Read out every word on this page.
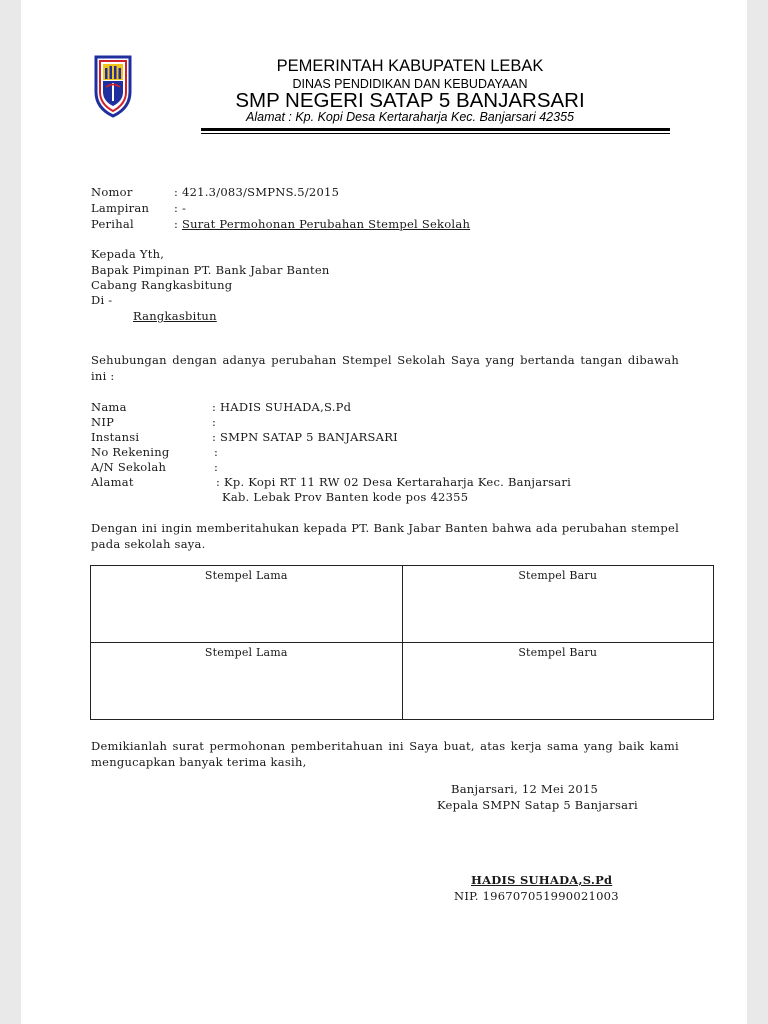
PEMERINTAH KABUPATEN LEBAK
DINAS PENDIDIKAN DAN KEBUDAYAAN
SMP NEGERI SATAP 5 BANJARSARI
Alamat : Kp. Kopi Desa Kertaraharja Kec. Banjarsari 42355
Nomor	: 421.3/083/SMPNS.5/2015
Lampiran : -
Perihal	: Surat Permohonan Perubahan Stempel Sekolah
Kepada Yth,
Bapak Pimpinan PT. Bank Jabar Banten
Cabang Rangkasbitung
Di -
Rangkasbitun
Sehubungan dengan adanya perubahan Stempel Sekolah Saya yang bertanda tangan dibawah ini :
Nama	: HADIS SUHADA,S.Pd
NIP	:
Instansi	: SMPN SATAP 5 BANJARSARI
No Rekening	:
A/N Sekolah	:
Alamat	: Kp. Kopi RT 11 RW 02 Desa Kertaraharja Kec. Banjarsari
Kab. Lebak Prov Banten kode pos 42355
Dengan ini ingin memberitahukan kepada PT. Bank Jabar Banten bahwa ada perubahan stempel pada sekolah saya.
Stempel Lama	Stempel Baru
Stempel Lama	Stempel Baru
Demikianlah surat permohonan pemberitahuan ini Saya buat, atas kerja sama yang baik kami mengucapkan banyak terima kasih,
Banjarsari, 12 Mei 2015
Kepala SMPN Satap 5 Banjarsari
HADIS SUHADA,S.Pd
NIP. 196707051990021003
